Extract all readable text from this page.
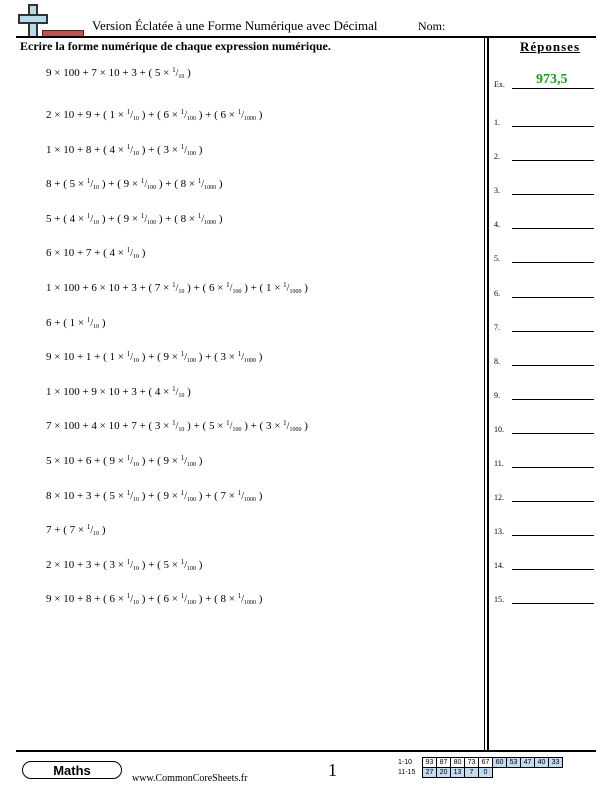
Version Éclatée à une Forme Numérique avec Décimal	Nom:
Ecrire la forme numérique de chaque expression numérique.	Réponses
9 × 100 + 7 × 10 + 3 + ( $5 \times ^1/_{10}$ )
2 × 10 + 9 + ( $1 \times ^1/_{10}$ ) + ( $6 \times ^1/_{100}$ ) + ( $6 \times ^1/_{1000}$ )
1 × 10 + 8 + ( $4 \times ^1/_{10}$ ) + ( $3 \times ^1/_{100}$ )
8 + ( $5 \times ^1/_{10}$ ) + ( $9 \times ^1/_{100}$ ) + ( $8 \times ^1/_{1000}$ )
5 + ( $4 \times ^1/_{10}$ ) + ( $9 \times ^1/_{100}$ ) + ( $8 \times ^1/_{1000}$ )
6 × 10 + 7 + ( $4 \times ^1/_{10}$ )
1 × 100 + 6 × 10 + 3 + ( $7 \times ^1/_{10}$ ) + ( $6 \times ^1/_{100}$ ) + ( $1 \times ^1/_{1000}$ )
6 + ( $1 \times ^1/_{10}$ )
9 × 10 + 1 + ( $1 \times ^1/_{10}$ ) + ( $9 \times ^1/_{100}$ ) + ( $3 \times ^1/_{1000}$ )
1 × 100 + 9 × 10 + 3 + ( $4 \times ^1/_{10}$ )
7 × 100 + 4 × 10 + 7 + ( $3 \times ^1/_{10}$ ) + ( $5 \times ^1/_{100}$ ) + ( $3 \times ^1/_{1000}$ )
5 × 10 + 6 + ( $9 \times ^1/_{10}$ ) + ( $9 \times ^1/_{100}$ )
8 × 10 + 3 + ( $5 \times ^1/_{10}$ ) + ( $9 \times ^1/_{100}$ ) + ( $7 \times ^1/_{1000}$ )
7 + ( $7 \times ^1/_{10}$ )
2 × 10 + 3 + ( $3 \times ^1/_{10}$ ) + ( $5 \times ^1/_{100}$ )
9 × 10 + 8 + ( $6 \times ^1/_{10}$ ) + ( $6 \times ^1/_{100}$ ) + ( $8 \times ^1/_{1000}$ )
Ex. 973,5
1.
2.
3.
4.
5.
6.
7.
8.
9.
10.
11.
12.
13.
14.
15.
Maths
www.CommonCoreSheets.fr	1	1-10	93	87	80	73	67	60	53	47	40	33
11-15	27	20	13	7	0					
